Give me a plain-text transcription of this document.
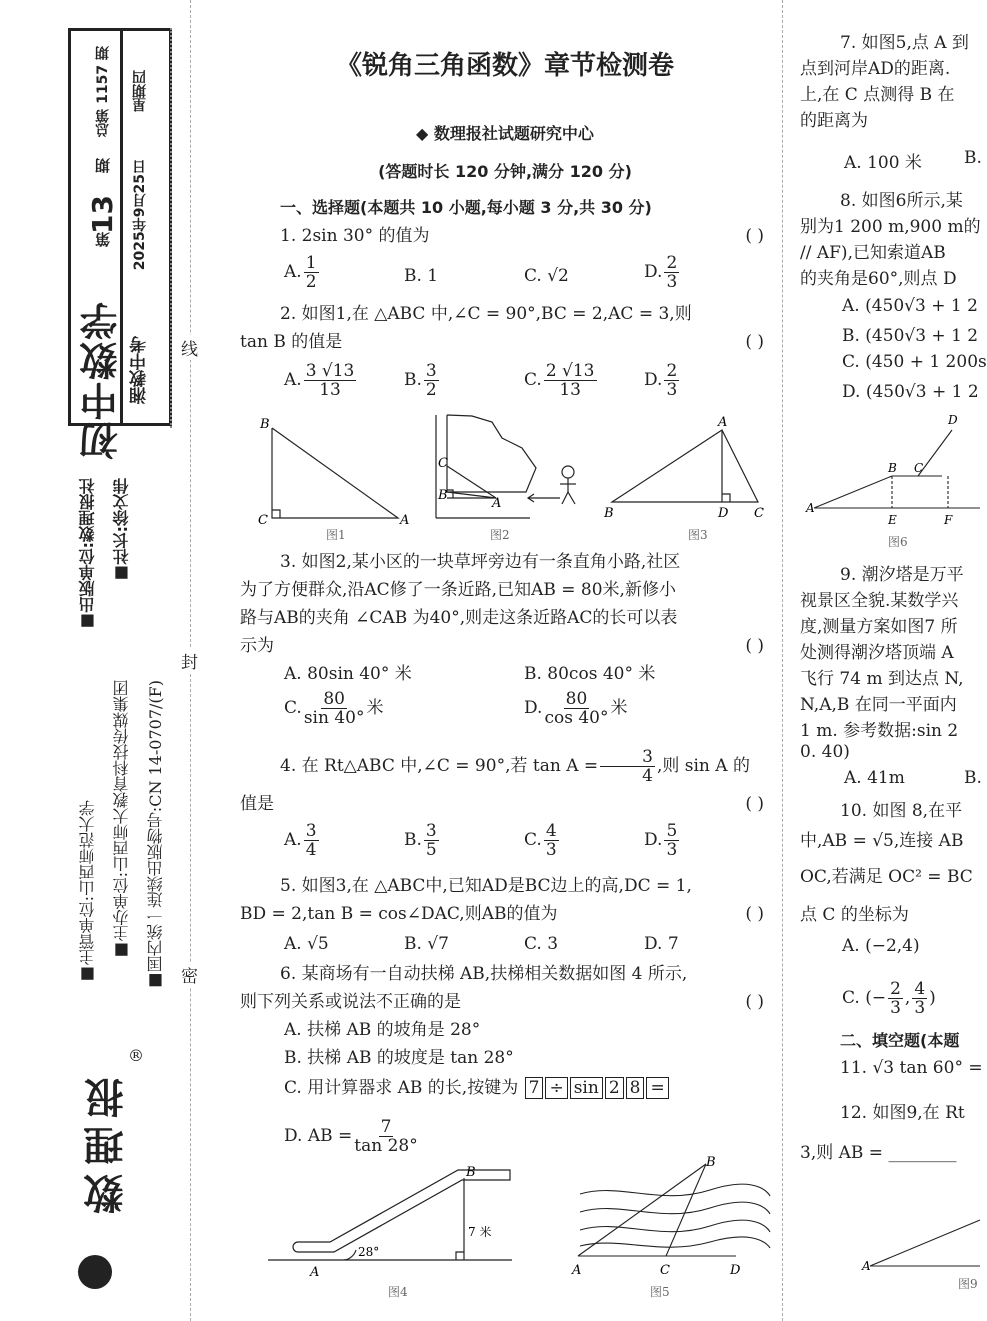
初中数学 湘教中考
第
13
期
总第 1157 期
2025年9月25日
星期四
■出版单位:数理报社 ■社长:徐文伟
■主管单位:山西师范大学 ■主办单位:山西师大教育科技传媒集团 ■国内统一连续出版物号:CN 14-0707/(F)
数理报
®
线
封
密
《锐角三角函数》章节检测卷
◆ 数理报社试题研究中心
(答题时长 120 分钟,满分 120 分)
一、选择题(本题共 10 小题,每小题 3 分,共 30 分)
1. 2sin 30° 的值为	( )
A. $\frac{1}{2}$	B. 1	C. √2	D. $\frac{2}{3}$
2. 如图1,在 △ABC 中,∠C = 90°,BC = 2,AC = 3,则
tan B 的值是	( )
A. $\frac{3 √13}{13}$	B. $\frac{3}{2}$	C. $\frac{2 √13}{13}$	D. $\frac{2}{3}$
B
C	A
图1
C
B
A
图2
A
B	D C
图3
3. 如图2,某小区的一块草坪旁边有一条直角小路,社区
为了方便群众,沿AC修了一条近路,已知AB = 80米,新修小
路与AB的夹角 ∠CAB 为40°,则走这条近路AC的长可以表
示为	( )
A. 80sin 40° 米	B. 80cos 40° 米
C. $\frac{80}{\sin 40^\circ}$ 米	D. $\frac{80}{\cos 40^\circ}$ 米
4. 在 Rt△ABC 中,∠C = 90°,若 $\tan A = \frac{3}{4}$ ,则 sin A 的
值是	( )
A. $\frac{3}{4}$	B. $\frac{3}{5}$	C. $\frac{4}{3}$	D. $\frac{5}{3}$
5. 如图3,在 △ABC中,已知AD是BC边上的高,DC = 1,
BD = 2,tan B = cos∠DAC,则AB的值为	( )
A. √5	B. √7	C. 3	D. 7
6. 某商场有一自动扶梯 AB,扶梯相关数据如图 4 所示,
则下列关系或说法不正确的是	( )
A. 扶梯 AB 的坡角是 28°
B. 扶梯 AB 的坡度是 tan 28°
C. 用计算器求 AB 的长,按键为 7 ÷ sin 2 8 =
D. AB = $\frac{7}{\tan 28^\circ}$
A
B
28°
7 米
图4
B
A	C	D
图5
7. 如图5,点 A 到
点到河岸AD的距离.
上,在 C 点测得 B 在
的距离为
A. 100 米 B.
8. 如图6所示,某
别为1 200 m,900 m的
// AF),已知索道AB
的夹角是60°,则点 D
A. (450√3 + 1 2
B. (450√3 + 1 2
C. (450 + 1 200s
D. (450√3 + 1 2
A
B C
D
E	F
图6
9. 潮汐塔是万平
视景区全貌.某数学兴
度,测量方案如图7 所
处测得潮汐塔顶端 A
飞行 74 m 到达点 N,
N,A,B 在同一平面内
1 m. 参考数据:sin 2
0. 40)
A. 41m	B.
10. 如图 8,在平
中,AB = √5,连接 AB
OC,若满足 OC² = BC
点 C 的坐标为
A. (−2,4)
C. (− $\frac{2}{3}$ , $\frac{4}{3}$ )
二、填空题(本题
11. √3 tan 60° =
12. 如图9,在 Rt
3,则 AB = ________
A
图9
